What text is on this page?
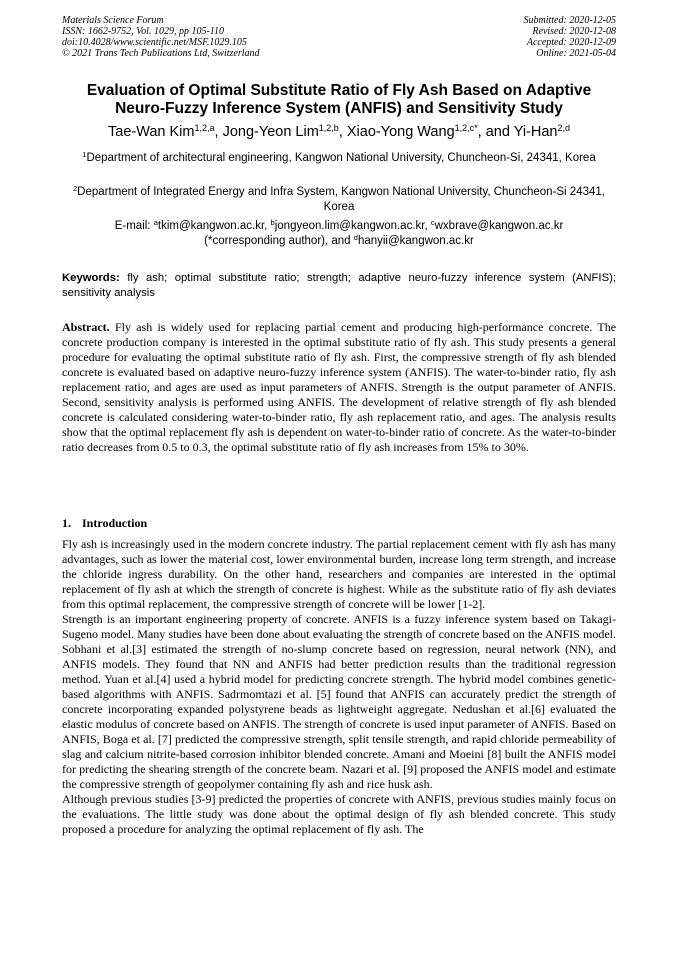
Materials Science Forum
ISSN: 1662-9752, Vol. 1029, pp 105-110
doi:10.4028/www.scientific.net/MSF.1029.105
© 2021 Trans Tech Publications Ltd, Switzerland
Submitted: 2020-12-05
Revised: 2020-12-08
Accepted: 2020-12-09
Online: 2021-05-04
Evaluation of Optimal Substitute Ratio of Fly Ash Based on Adaptive Neuro-Fuzzy Inference System (ANFIS) and Sensitivity Study
Tae-Wan Kim$^{1,2,a}$, Jong-Yeon Lim$^{1,2,b}$, Xiao-Yong Wang$^{1,2,c*}$, and Yi-Han$^{2,d}$
$^1$Department of architectural engineering, Kangwon National University, Chuncheon-Si, 24341, Korea
$^2$Department of Integrated Energy and Infra System, Kangwon National University, Chuncheon-Si 24341, Korea
E-mail: $^a$tkim@kangwon.ac.kr, $^b$jongyeon.lim@kangwon.ac.kr, $^c$wxbrave@kangwon.ac.kr
(*corresponding author), and $^d$hanyii@kangwon.ac.kr
Keywords: fly ash; optimal substitute ratio; strength; adaptive neuro-fuzzy inference system (ANFIS); sensitivity analysis
Abstract. Fly ash is widely used for replacing partial cement and producing high-performance concrete. The concrete production company is interested in the optimal substitute ratio of fly ash. This study presents a general procedure for evaluating the optimal substitute ratio of fly ash. First, the compressive strength of fly ash blended concrete is evaluated based on adaptive neuro-fuzzy inference system (ANFIS). The water-to-binder ratio, fly ash replacement ratio, and ages are used as input parameters of ANFIS. Strength is the output parameter of ANFIS. Second, sensitivity analysis is performed using ANFIS. The development of relative strength of fly ash blended concrete is calculated considering water-to-binder ratio, fly ash replacement ratio, and ages. The analysis results show that the optimal replacement fly ash is dependent on water-to-binder ratio of concrete. As the water-to-binder ratio decreases from 0.5 to 0.3, the optimal substitute ratio of fly ash increases from 15% to 30%.
1. Introduction

Fly ash is increasingly used in the modern concrete industry. The partial replacement cement with fly ash has many advantages, such as lower the material cost, lower environmental burden, increase long term strength, and increase the chloride ingress durability. On the other hand, researchers and companies are interested in the optimal replacement of fly ash at which the strength of concrete is highest. While as the substitute ratio of fly ash deviates from this optimal replacement, the compressive strength of concrete will be lower [1-2].

Strength is an important engineering property of concrete. ANFIS is a fuzzy inference system based on Takagi-Sugeno model. Many studies have been done about evaluating the strength of concrete based on the ANFIS model. Sobhani et al.[3] estimated the strength of no-slump concrete based on regression, neural network (NN), and ANFIS models. They found that NN and ANFIS had better prediction results than the traditional regression method. Yuan et al.[4] used a hybrid model for predicting concrete strength. The hybrid model combines genetic-based algorithms with ANFIS. Sadrmomtazi et al. [5] found that ANFIS can accurately predict the strength of concrete incorporating expanded polystyrene beads as lightweight aggregate. Nedushan et al.[6] evaluated the elastic modulus of concrete based on ANFIS. The strength of concrete is used input parameter of ANFIS. Based on ANFIS, Boga et al. [7] predicted the compressive strength, split tensile strength, and rapid chloride permeability of slag and calcium nitrite-based corrosion inhibitor blended concrete. Amani and Moeini [8] built the ANFIS model for predicting the shearing strength of the concrete beam. Nazari et al. [9] proposed the ANFIS model and estimate the compressive strength of geopolymer containing fly ash and rice husk ash.

Although previous studies [3-9] predicted the properties of concrete with ANFIS, previous studies mainly focus on the evaluations. The little study was done about the optimal design of fly ash blended concrete. This study proposed a procedure for analyzing the optimal replacement of fly ash. The
